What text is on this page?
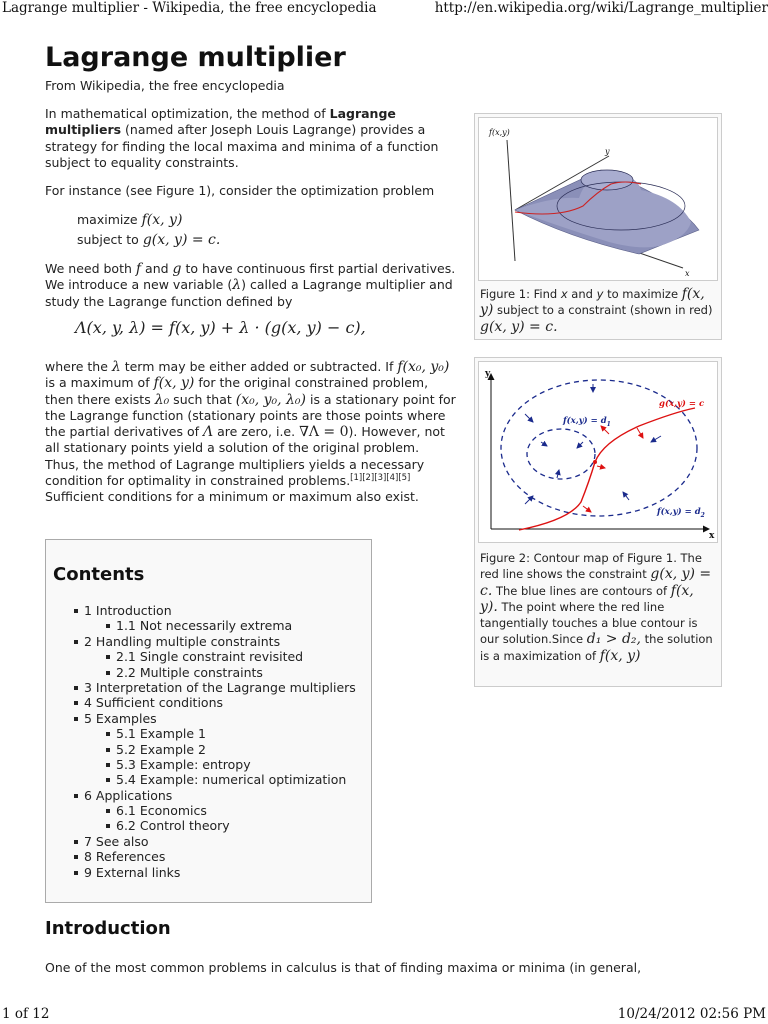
Lagrange multiplier - Wikipedia, the free encyclopedia	http://en.wikipedia.org/wiki/Lagrange_multiplier
Lagrange multiplier
From Wikipedia, the free encyclopedia
In mathematical optimization, the method of Lagrange multipliers (named after Joseph Louis Lagrange) provides a strategy for finding the local maxima and minima of a function subject to equality constraints.
For instance (see Figure 1), consider the optimization problem
maximize f(x, y)
subject to g(x, y) = c.
We need both f and g to have continuous first partial derivatives. We introduce a new variable (λ) called a Lagrange multiplier and study the Lagrange function defined by
Λ(x, y, λ) = f(x, y) + λ · (g(x, y) − c),
where the λ term may be either added or subtracted. If f(x₀, y₀) is a maximum of f(x, y) for the original constrained problem, then there exists λ₀ such that (x₀, y₀, λ₀) is a stationary point for the Lagrange function (stationary points are those points where the partial derivatives of Λ are zero, i.e. ∇Λ = 0). However, not all stationary points yield a solution of the original problem. Thus, the method of Lagrange multipliers yields a necessary condition for optimality in constrained problems.[1][2][3][4][5] Sufficient conditions for a minimum or maximum also exist.
f(x,y)
y
x
Figure 1: Find x and y to maximize f(x, y) subject to a constraint (shown in red) g(x, y) = c.
y
x
g(x,y) = c
$f(x,y) = d_1$
$f(x,y) = d_2$
Figure 2: Contour map of Figure 1. The red line shows the constraint g(x, y) = c. The blue lines are contours of f(x, y). The point where the red line tangentially touches a blue contour is our solution.Since d₁ > d₂, the solution is a maximization of f(x, y)
Contents
1 Introduction
1.1 Not necessarily extrema
2 Handling multiple constraints
2.1 Single constraint revisited
2.2 Multiple constraints
3 Interpretation of the Lagrange multipliers
4 Sufficient conditions
5 Examples
5.1 Example 1
5.2 Example 2
5.3 Example: entropy
5.4 Example: numerical optimization
6 Applications
6.1 Economics
6.2 Control theory
7 See also
8 References
9 External links
Introduction
One of the most common problems in calculus is that of finding maxima or minima (in general,
1 of 12	10/24/2012 02:56 PM
